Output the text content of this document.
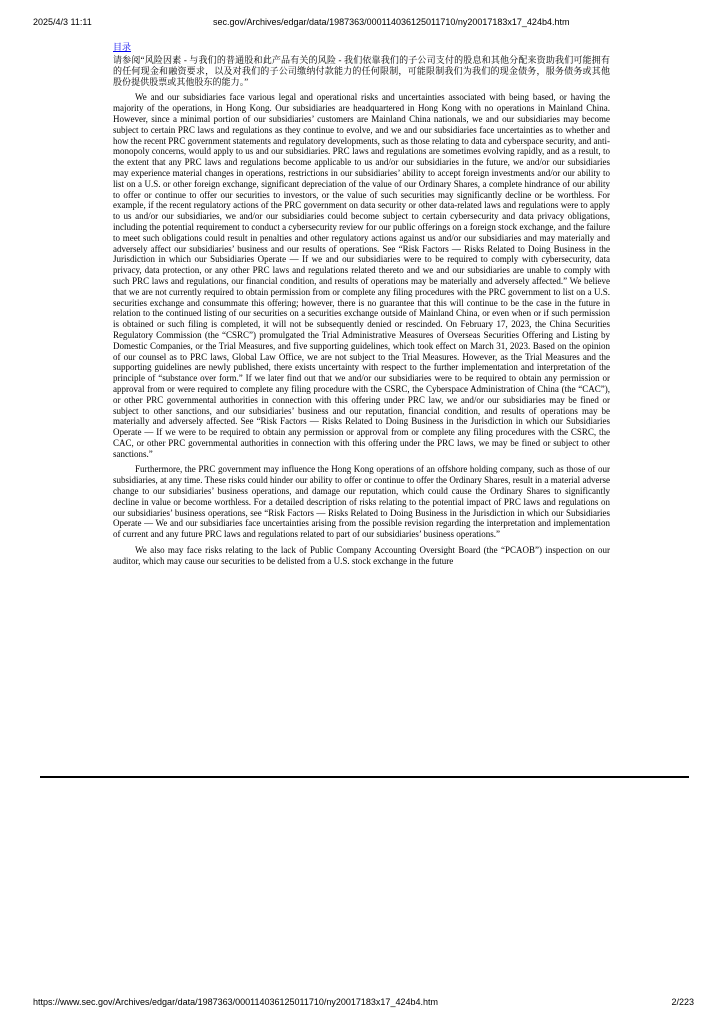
2025/4/3 11:11	sec.gov/Archives/edgar/data/1987363/000114036125011710/ny20017183x17_424b4.htm
目录

请参阅“风险因素 - 与我们的普通股和此产品有关的风险 - 我们依靠我们的子公司支付的股息和其他分配来资助我们可能拥有的任何现金和融资要求，以及对我们的子公司缴纳付款能力的任何限制，可能限制我们为我们的现金债务，服务债务或其他股份提供股票或其他股东的能力。”

We and our subsidiaries face various legal and operational risks and uncertainties associated with being based, or having the majority of the operations, in Hong Kong. Our subsidiaries are headquartered in Hong Kong with no operations in Mainland China. However, since a minimal portion of our subsidiaries’ customers are Mainland China nationals, we and our subsidiaries may become subject to certain PRC laws and regulations as they continue to evolve, and we and our subsidiaries face uncertainties as to whether and how the recent PRC government statements and regulatory developments, such as those relating to data and cyberspace security, and anti-monopoly concerns, would apply to us and our subsidiaries. PRC laws and regulations are sometimes evolving rapidly, and as a result, to the extent that any PRC laws and regulations become applicable to us and/or our subsidiaries in the future, we and/or our subsidiaries may experience material changes in operations, restrictions in our subsidiaries’ ability to accept foreign investments and/or our ability to list on a U.S. or other foreign exchange, significant depreciation of the value of our Ordinary Shares, a complete hindrance of our ability to offer or continue to offer our securities to investors, or the value of such securities may significantly decline or be worthless. For example, if the recent regulatory actions of the PRC government on data security or other data-related laws and regulations were to apply to us and/or our subsidiaries, we and/or our subsidiaries could become subject to certain cybersecurity and data privacy obligations, including the potential requirement to conduct a cybersecurity review for our public offerings on a foreign stock exchange, and the failure to meet such obligations could result in penalties and other regulatory actions against us and/or our subsidiaries and may materially and adversely affect our subsidiaries’ business and our results of operations. See “Risk Factors — Risks Related to Doing Business in the Jurisdiction in which our Subsidiaries Operate — If we and our subsidiaries were to be required to comply with cybersecurity, data privacy, data protection, or any other PRC laws and regulations related thereto and we and our subsidiaries are unable to comply with such PRC laws and regulations, our financial condition, and results of operations may be materially and adversely affected.” We believe that we are not currently required to obtain permission from or complete any filing procedures with the PRC government to list on a U.S. securities exchange and consummate this offering; however, there is no guarantee that this will continue to be the case in the future in relation to the continued listing of our securities on a securities exchange outside of Mainland China, or even when or if such permission is obtained or such filing is completed, it will not be subsequently denied or rescinded. On February 17, 2023, the China Securities Regulatory Commission (the “CSRC”) promulgated the Trial Administrative Measures of Overseas Securities Offering and Listing by Domestic Companies, or the Trial Measures, and five supporting guidelines, which took effect on March 31, 2023. Based on the opinion of our counsel as to PRC laws, Global Law Office, we are not subject to the Trial Measures. However, as the Trial Measures and the supporting guidelines are newly published, there exists uncertainty with respect to the further implementation and interpretation of the principle of “substance over form.” If we later find out that we and/or our subsidiaries were to be required to obtain any permission or approval from or were required to complete any filing procedure with the CSRC, the Cyberspace Administration of China (the “CAC”), or other PRC governmental authorities in connection with this offering under PRC law, we and/or our subsidiaries may be fined or subject to other sanctions, and our subsidiaries’ business and our reputation, financial condition, and results of operations may be materially and adversely affected. See “Risk Factors — Risks Related to Doing Business in the Jurisdiction in which our Subsidiaries Operate — If we were to be required to obtain any permission or approval from or complete any filing procedures with the CSRC, the CAC, or other PRC governmental authorities in connection with this offering under the PRC laws, we may be fined or subject to other sanctions.”

Furthermore, the PRC government may influence the Hong Kong operations of an offshore holding company, such as those of our subsidiaries, at any time. These risks could hinder our ability to offer or continue to offer the Ordinary Shares, result in a material adverse change to our subsidiaries’ business operations, and damage our reputation, which could cause the Ordinary Shares to significantly decline in value or become worthless. For a detailed description of risks relating to the potential impact of PRC laws and regulations on our subsidiaries’ business operations, see “Risk Factors — Risks Related to Doing Business in the Jurisdiction in which our Subsidiaries Operate — We and our subsidiaries face uncertainties arising from the possible revision regarding the interpretation and implementation of current and any future PRC laws and regulations related to part of our subsidiaries’ business operations.”

We also may face risks relating to the lack of Public Company Accounting Oversight Board (the “PCAOB”) inspection on our auditor, which may cause our securities to be delisted from a U.S. stock exchange in the future

https://www.sec.gov/Archives/edgar/data/1987363/000114036125011710/ny20017183x17_424b4.htm	2/223
